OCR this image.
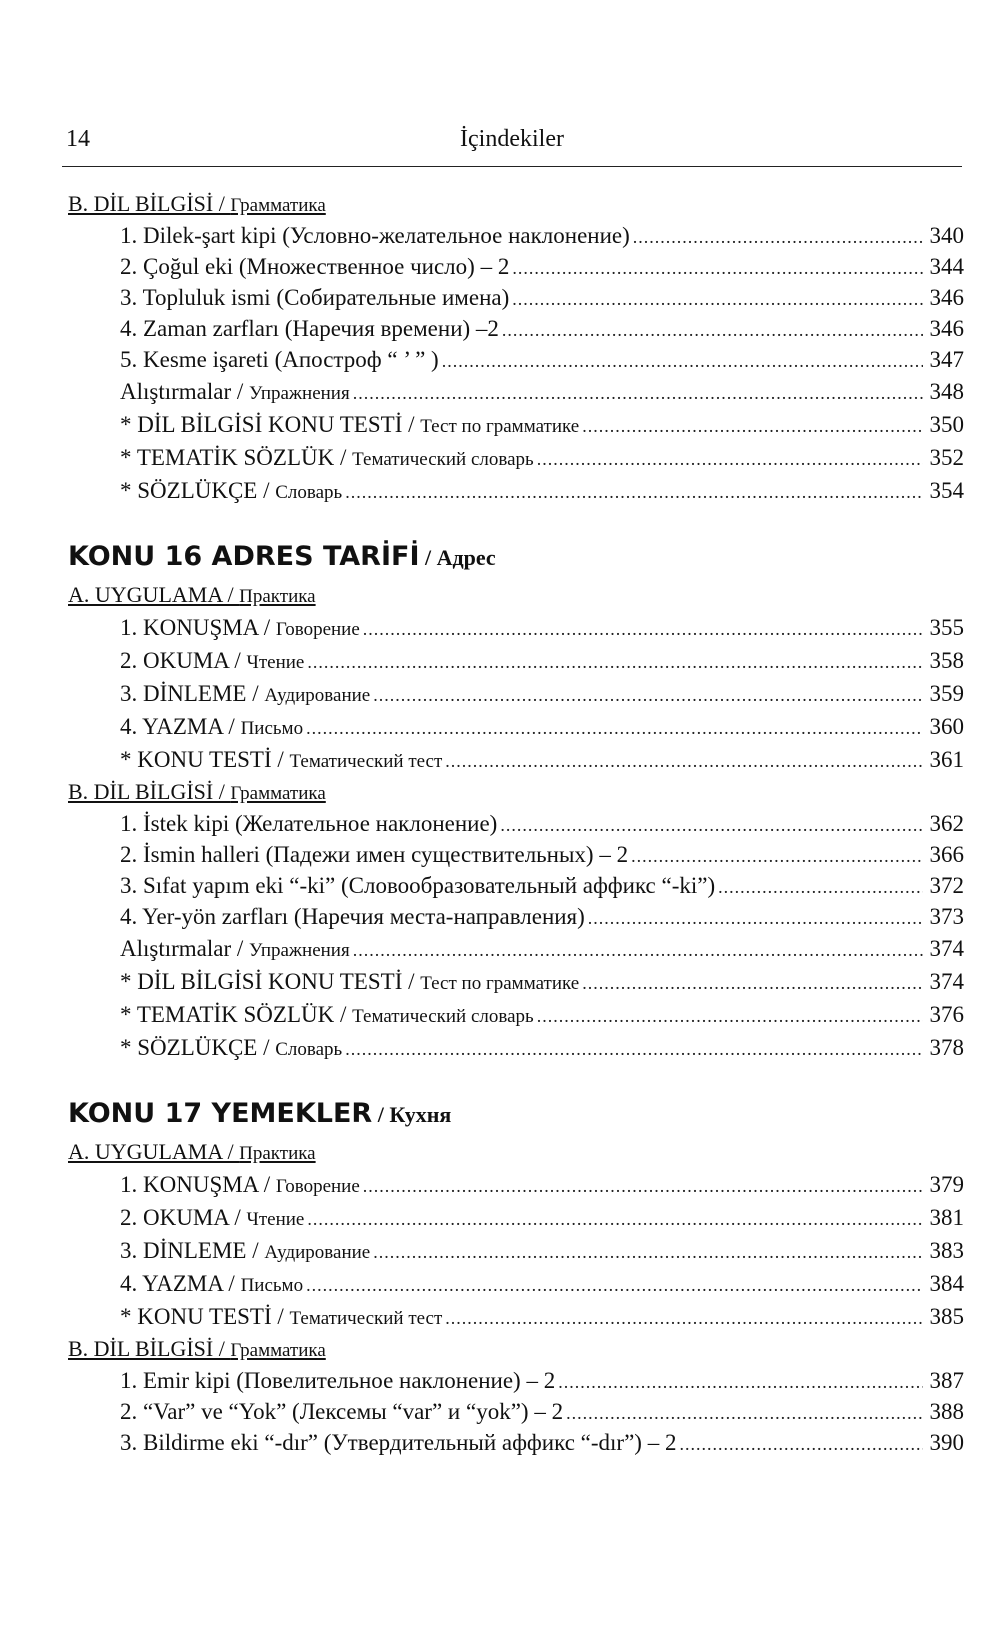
14	İçindekiler
B. DİL BİLGİSİ / Грамматика
1. Dilek-şart kipi (Условно-желательное наклонение) .....	340
2. Çoğul eki (Множественное число) – 2 .....	344
3. Topluluk ismi (Собирательные имена) .....	346
4. Zaman zarfları (Наречия времени) –2 .....	346
5. Kesme işareti (Апостроф “ ’ ” ) .....	347
Alıştırmalar / Упражнения .....	348
* DİL BİLGİSİ KONU TESTİ / Тест по грамматике .....	350
* TEMATİK SÖZLÜK / Тематический словарь .....	352
* SÖZLÜKÇE / Словарь .....	354
KONU 16 ADRES TARİFİ / Адрес
A. UYGULAMA / Практика
1. KONUŞMA / Говорение .....	355
2. OKUMA / Чтение .....	358
3. DİNLEME / Аудирование .....	359
4. YAZMA / Письмо .....	360
* KONU TESTİ / Тематический тест .....	361
B. DİL BİLGİSİ / Грамматика
1. İstek kipi (Желательное наклонение) .....	362
2. İsmin halleri (Падежи имен существительных) – 2 .....	366
3. Sıfat yapım eki “-ki” (Словообразовательный аффикс “-ki”) .....	372
4. Yer-yön zarfları (Наречия места-направления) .....	373
Alıştırmalar / Упражнения .....	374
* DİL BİLGİSİ KONU TESTİ / Тест по грамматике .....	374
* TEMATİK SÖZLÜK / Тематический словарь .....	376
* SÖZLÜKÇE / Словарь .....	378
KONU 17 YEMEKLER / Кухня
A. UYGULAMA / Практика
1. KONUŞMA / Говорение .....	379
2. OKUMA / Чтение .....	381
3. DİNLEME / Аудирование .....	383
4. YAZMA / Письмо .....	384
* KONU TESTİ / Тематический тест .....	385
B. DİL BİLGİSİ / Грамматика
1. Emir kipi (Повелительное наклонение) – 2 .....	387
2. “Var” ve “Yok” (Лексемы “var” и “yok”) – 2 .....	388
3. Bildirme eki “-dır” (Утвердительный аффикс “-dır”) – 2 .....	390
